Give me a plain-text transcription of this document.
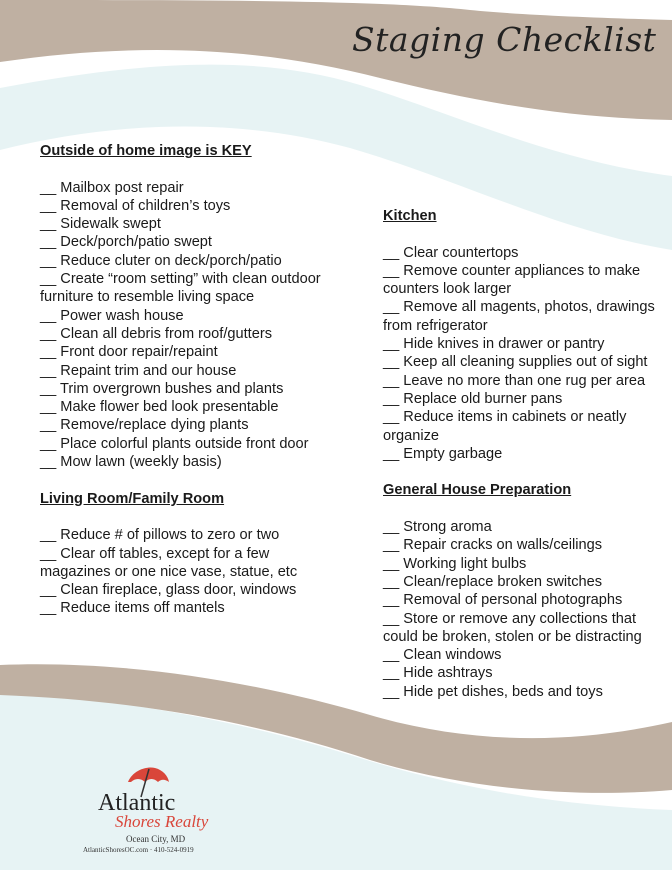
Staging Checklist

Outside of home image is KEY

__ Mailbox post repair
__ Removal of children’s toys
__ Sidewalk swept
__ Deck/porch/patio swept
__ Reduce cluter on deck/porch/patio
__ Create “room setting” with clean outdoor furniture to resemble living space
__ Power wash house
__ Clean all debris from roof/gutters
__ Front door repair/repaint
__ Repaint trim and our house
__ Trim overgrown bushes and plants
__ Make flower bed look presentable
__ Remove/replace dying plants
__ Place colorful plants outside front door
__ Mow lawn (weekly basis)

Living Room/Family Room

__ Reduce # of pillows to zero or two
__ Clear off tables, except for a few magazines or one nice vase, statue, etc
__ Clean fireplace, glass door, windows
__ Reduce items off mantels

Kitchen

__ Clear countertops
__ Remove counter appliances to make counters look larger
__ Remove all magents, photos, drawings from refrigerator
__ Hide knives in drawer or pantry
__ Keep all cleaning supplies out of sight
__ Leave no more than one rug per area
__ Replace old burner pans
__ Reduce items in cabinets or neatly organize
__ Empty garbage

General House Preparation

__ Strong aroma
__ Repair cracks on walls/ceilings
__ Working light bulbs
__ Clean/replace broken switches
__ Removal of personal photographs
__ Store or remove any collections that could be broken, stolen or be distracting
__ Clean windows
__ Hide ashtrays
__ Hide pet dishes, beds and toys
Atlantic
Shores Realty
Ocean City, MD
AtlanticShoresOC.com · 410-524-0919
